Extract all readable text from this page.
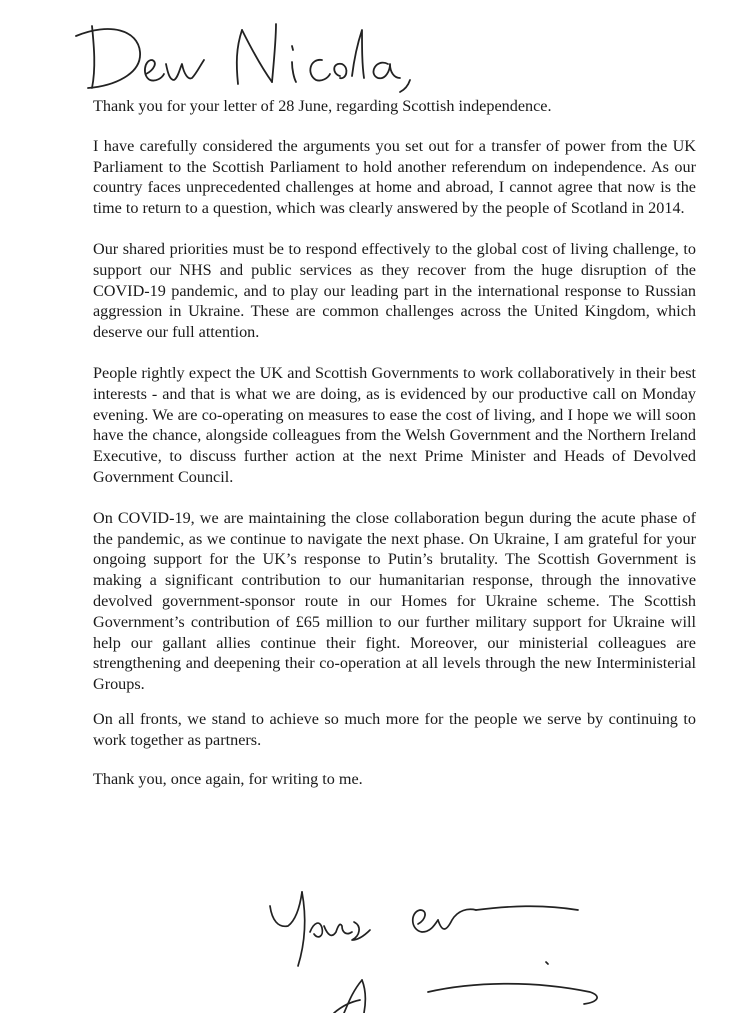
Thank you for your letter of 28 June, regarding Scottish independence.

I have carefully considered the arguments you set out for a transfer of power from the UK Parliament to the Scottish Parliament to hold another referendum on independence. As our country faces unprecedented challenges at home and abroad, I cannot agree that now is the time to return to a question, which was clearly answered by the people of Scotland in 2014.

Our shared priorities must be to respond effectively to the global cost of living challenge, to support our NHS and public services as they recover from the huge disruption of the COVID-19 pandemic, and to play our leading part in the international response to Russian aggression in Ukraine. These are common challenges across the United Kingdom, which deserve our full attention.

People rightly expect the UK and Scottish Governments to work collaboratively in their best interests - and that is what we are doing, as is evidenced by our productive call on Monday evening. We are co-operating on measures to ease the cost of living, and I hope we will soon have the chance, alongside colleagues from the Welsh Government and the Northern Ireland Executive, to discuss further action at the next Prime Minister and Heads of Devolved Government Council.

On COVID-19, we are maintaining the close collaboration begun during the acute phase of the pandemic, as we continue to navigate the next phase. On Ukraine, I am grateful for your ongoing support for the UK’s response to Putin’s brutality. The Scottish Government is making a significant contribution to our humanitarian response, through the innovative devolved government-sponsor route in our Homes for Ukraine scheme. The Scottish Government’s contribution of £65 million to our further military support for Ukraine will help our gallant allies continue their fight. Moreover, our ministerial colleagues are strengthening and deepening their co-operation at all levels through the new Interministerial Groups.

On all fronts, we stand to achieve so much more for the people we serve by continuing to work together as partners.

Thank you, once again, for writing to me.
